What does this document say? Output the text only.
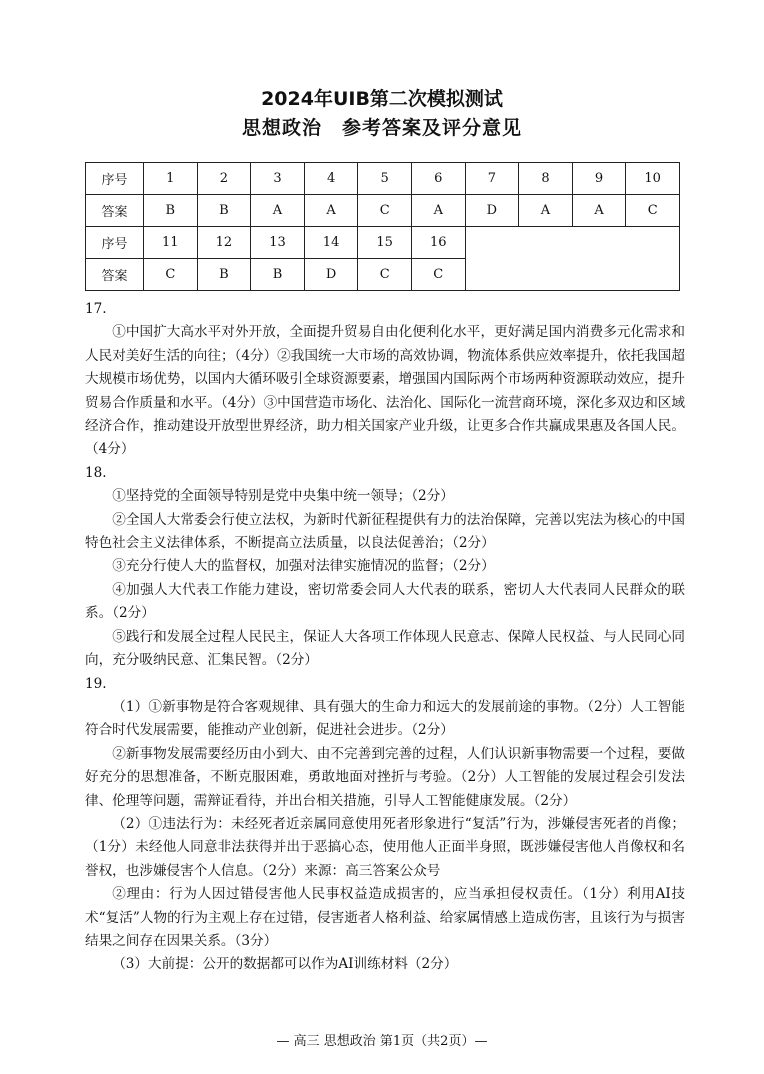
2024年UIB第二次模拟测试
思想政治　参考答案及评分意见
序号	1	2	3	4	5	6	7	8	9	10
答案	B	B	A	A	C	A	D	A	A	C
序号	11	12	13	14	15	16				
答案	C	B	B	D	C	C				

17.

①中国扩大高水平对外开放，全面提升贸易自由化便利化水平，更好满足国内消费多元化需求和人民对美好生活的向往；（4分）②我国统一大市场的高效协调，物流体系供应效率提升，依托我国超大规模市场优势，以国内大循环吸引全球资源要素，增强国内国际两个市场两种资源联动效应，提升贸易合作质量和水平。（4分）③中国营造市场化、法治化、国际化一流营商环境，深化多双边和区域经济合作，推动建设开放型世界经济，助力相关国家产业升级，让更多合作共赢成果惠及各国人民。（4分）

18.

①坚持党的全面领导特别是党中央集中统一领导；（2分）

②全国人大常委会行使立法权，为新时代新征程提供有力的法治保障，完善以宪法为核心的中国特色社会主义法律体系，不断提高立法质量，以良法促善治；（2分）

③充分行使人大的监督权，加强对法律实施情况的监督；（2分）

④加强人大代表工作能力建设，密切常委会同人大代表的联系，密切人大代表同人民群众的联系。（2分）

⑤践行和发展全过程人民民主，保证人大各项工作体现人民意志、保障人民权益、与人民同心同向，充分吸纳民意、汇集民智。（2分）

19.

（1）①新事物是符合客观规律、具有强大的生命力和远大的发展前途的事物。（2分）人工智能符合时代发展需要，能推动产业创新，促进社会进步。（2分）

②新事物发展需要经历由小到大、由不完善到完善的过程，人们认识新事物需要一个过程，要做好充分的思想准备，不断克服困难，勇敢地面对挫折与考验。（2分）人工智能的发展过程会引发法律、伦理等问题，需辩证看待，并出台相关措施，引导人工智能健康发展。（2分）

（2）①违法行为：未经死者近亲属同意使用死者形象进行“复活”行为，涉嫌侵害死者的肖像；（1分）未经他人同意非法获得并出于恶搞心态，使用他人正面半身照，既涉嫌侵害他人肖像权和名誉权，也涉嫌侵害个人信息。（2分）来源：高三答案公众号

②理由：行为人因过错侵害他人民事权益造成损害的，应当承担侵权责任。（1分）利用AI技术“复活”人物的行为主观上存在过错，侵害逝者人格利益、给家属情感上造成伤害，且该行为与损害结果之间存在因果关系。（3分）

（3）大前提：公开的数据都可以作为AI训练材料（2分）

— 高三 思想政治 第1页（共2页）—
